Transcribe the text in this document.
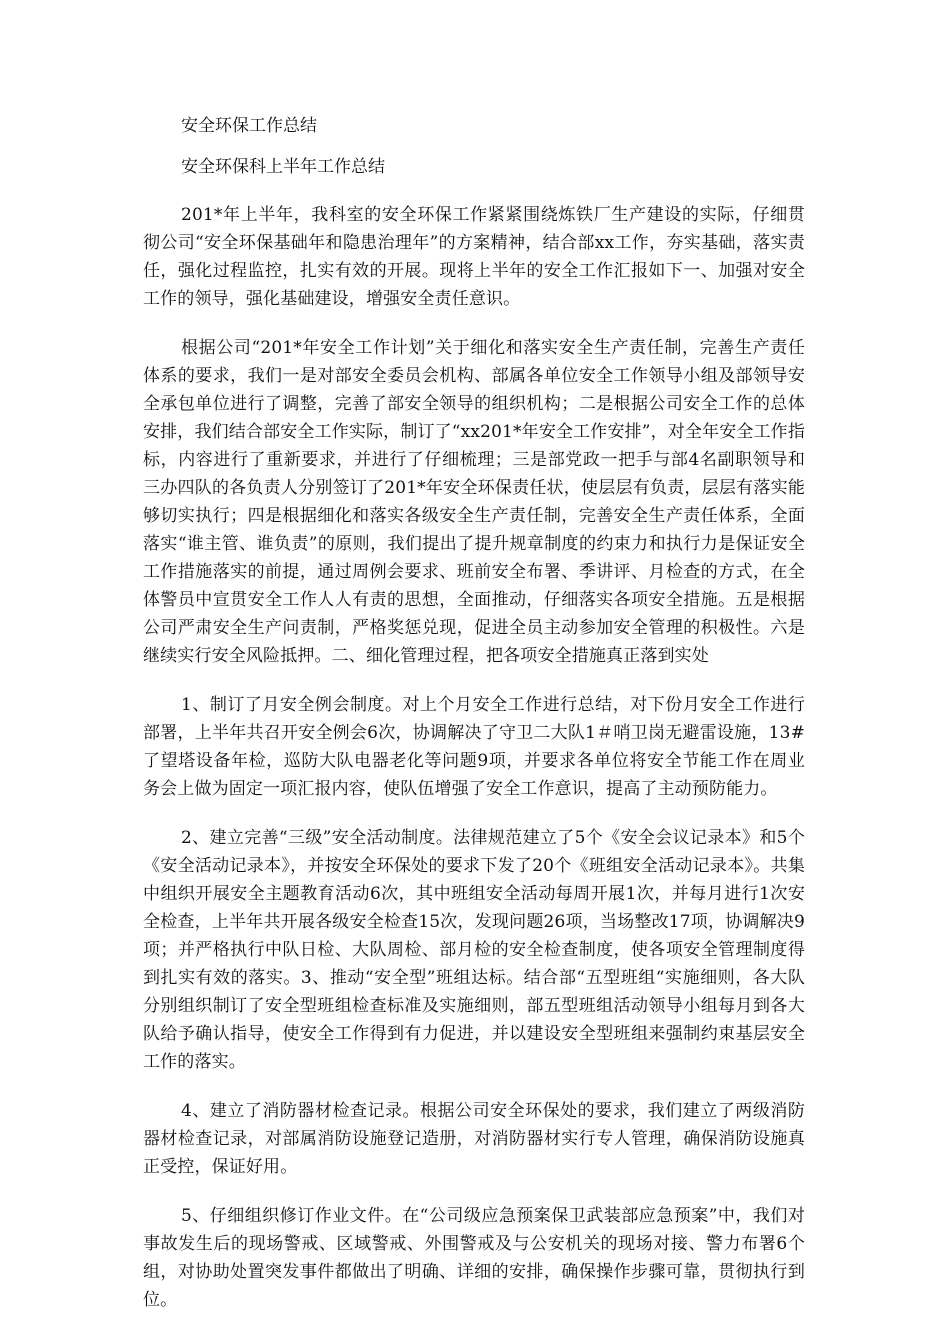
安全环保工作总结

安全环保科上半年工作总结

201*年上半年，我科室的安全环保工作紧紧围绕炼铁厂生产建设的实际，仔细贯彻公司“安全环保基础年和隐患治理年”的方案精神，结合部xx工作，夯实基础，落实责任，强化过程监控，扎实有效的开展。现将上半年的安全工作汇报如下一、加强对安全工作的领导，强化基础建设，增强安全责任意识。

根据公司“201*年安全工作计划”关于细化和落实安全生产责任制，完善生产责任体系的要求，我们一是对部安全委员会机构、部属各单位安全工作领导小组及部领导安全承包单位进行了调整，完善了部安全领导的组织机构；二是根据公司安全工作的总体安排，我们结合部安全工作实际，制订了“xx201*年安全工作安排”，对全年安全工作指标，内容进行了重新要求，并进行了仔细梳理；三是部党政一把手与部4名副职领导和三办四队的各负责人分别签订了201*年安全环保责任状，使层层有负责，层层有落实能够切实执行；四是根据细化和落实各级安全生产责任制，完善安全生产责任体系，全面落实“谁主管、谁负责”的原则，我们提出了提升规章制度的约束力和执行力是保证安全工作措施落实的前提，通过周例会要求、班前安全布署、季讲评、月检查的方式，在全体警员中宣贯安全工作人人有责的思想，全面推动，仔细落实各项安全措施。五是根据公司严肃安全生产问责制，严格奖惩兑现，促进全员主动参加安全管理的积极性。六是继续实行安全风险抵押。二、细化管理过程，把各项安全措施真正落到实处

1、制订了月安全例会制度。对上个月安全工作进行总结，对下份月安全工作进行部署，上半年共召开安全例会6次，协调解决了守卫二大队1＃哨卫岗无避雷设施，13#了望塔设备年检，巡防大队电器老化等问题9项，并要求各单位将安全节能工作在周业务会上做为固定一项汇报内容，使队伍增强了安全工作意识，提高了主动预防能力。

2、建立完善“三级”安全活动制度。法律规范建立了5个《安全会议记录本》和5个《安全活动记录本》，并按安全环保处的要求下发了20个《班组安全活动记录本》。共集中组织开展安全主题教育活动6次，其中班组安全活动每周开展1次，并每月进行1次安全检查，上半年共开展各级安全检查15次，发现问题26项，当场整改17项，协调解决9项；并严格执行中队日检、大队周检、部月检的安全检查制度，使各项安全管理制度得到扎实有效的落实。3、推动“安全型”班组达标。结合部“五型班组“实施细则，各大队分别组织制订了安全型班组检查标准及实施细则，部五型班组活动领导小组每月到各大队给予确认指导，使安全工作得到有力促进，并以建设安全型班组来强制约束基层安全工作的落实。

4、建立了消防器材检查记录。根据公司安全环保处的要求，我们建立了两级消防器材检查记录，对部属消防设施登记造册，对消防器材实行专人管理，确保消防设施真正受控，保证好用。

5、仔细组织修订作业文件。在“公司级应急预案保卫武装部应急预案”中，我们对事故发生后的现场警戒、区域警戒、外围警戒及与公安机关的现场对接、警力布署6个组，对协助处置突发事件都做出了明确、详细的安排，确保操作步骤可靠，贯彻执行到位。
